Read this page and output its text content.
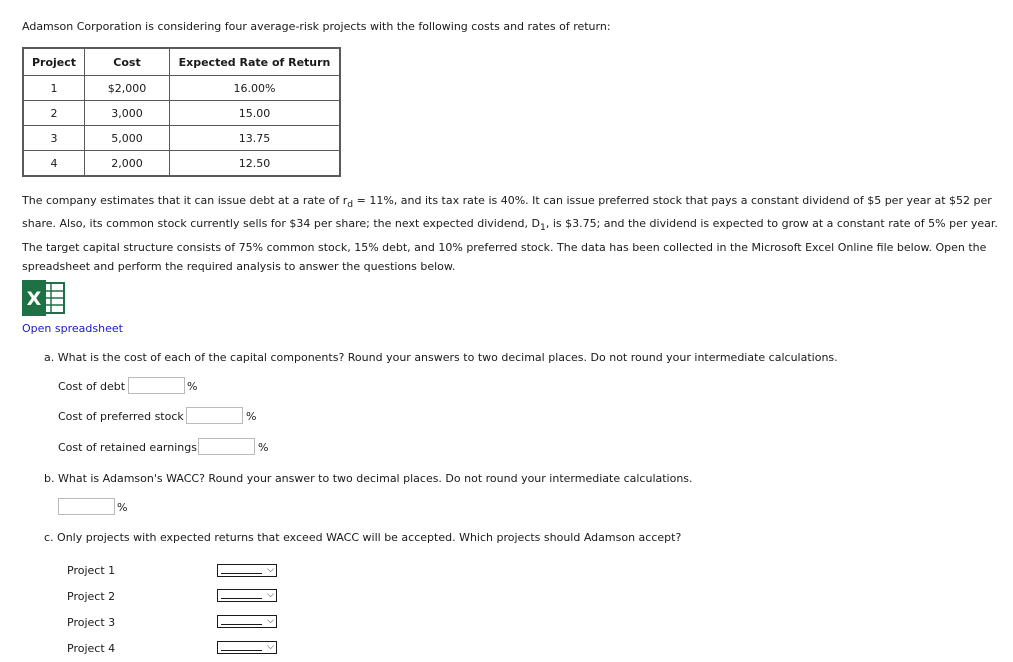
Adamson Corporation is considering four average-risk projects with the following costs and rates of return:
Project	Cost	Expected Rate of Return
1	$2,000	16.00%
2	3,000	15.00
3	5,000	13.75
4	2,000	12.50
The company estimates that it can issue debt at a rate of $r_d = 11\%$, and its tax rate is 40%. It can issue preferred stock that pays a constant dividend of $5 per year at $52 per share. Also, its common stock currently sells for $34 per share; the next expected dividend, $D_1$, is $3.75; and the dividend is expected to grow at a constant rate of 5% per year. The target capital structure consists of 75% common stock, 15% debt, and 10% preferred stock. The data has been collected in the Microsoft Excel Online file below. Open the spreadsheet and perform the required analysis to answer the questions below.
X
Open spreadsheet
a. What is the cost of each of the capital components? Round your answers to two decimal places. Do not round your intermediate calculations.
Cost of debt	%
Cost of preferred stock	%
Cost of retained earnings	%
b. What is Adamson's WACC? Round your answer to two decimal places. Do not round your intermediate calculations.
%
c. Only projects with expected returns that exceed WACC will be accepted. Which projects should Adamson accept?
Project 1	⌵
Project 2	⌵
Project 3	⌵
Project 4	⌵
